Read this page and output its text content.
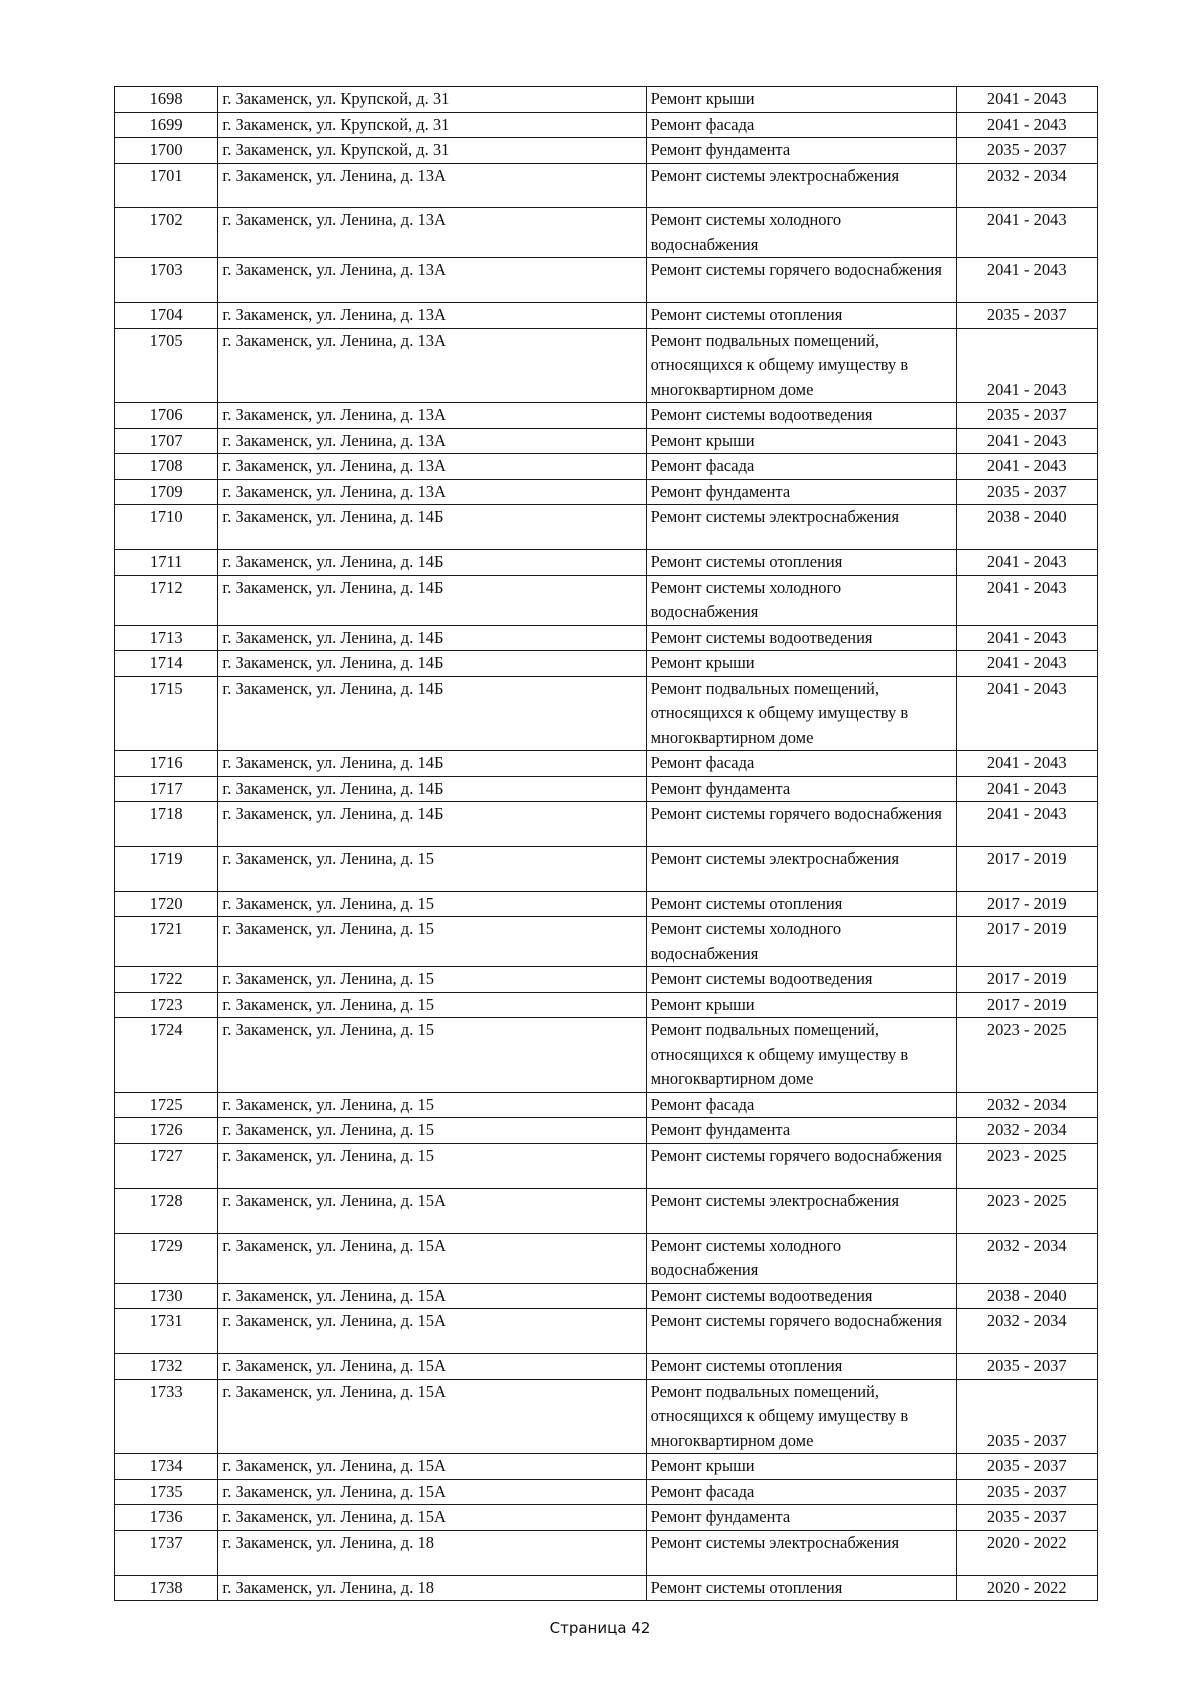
1698	г. Закаменск, ул. Крупской, д. 31	Ремонт крыши	2041 - 2043
1699	г. Закаменск, ул. Крупской, д. 31	Ремонт фасада	2041 - 2043
1700	г. Закаменск, ул. Крупской, д. 31	Ремонт фундамента	2035 - 2037
1701	г. Закаменск, ул. Ленина, д. 13А	Ремонт системы электроснабжения	2032 - 2034
1702	г. Закаменск, ул. Ленина, д. 13А	Ремонт системы холодного водоснабжения	2041 - 2043
1703	г. Закаменск, ул. Ленина, д. 13А	Ремонт системы горячего водоснабжения	2041 - 2043
1704	г. Закаменск, ул. Ленина, д. 13А	Ремонт системы отопления	2035 - 2037
1705	г. Закаменск, ул. Ленина, д. 13А	Ремонт подвальных помещений, относящихся к общему имуществу в многоквартирном доме	2041 - 2043
1706	г. Закаменск, ул. Ленина, д. 13А	Ремонт системы водоотведения	2035 - 2037
1707	г. Закаменск, ул. Ленина, д. 13А	Ремонт крыши	2041 - 2043
1708	г. Закаменск, ул. Ленина, д. 13А	Ремонт фасада	2041 - 2043
1709	г. Закаменск, ул. Ленина, д. 13А	Ремонт фундамента	2035 - 2037
1710	г. Закаменск, ул. Ленина, д. 14Б	Ремонт системы электроснабжения	2038 - 2040
1711	г. Закаменск, ул. Ленина, д. 14Б	Ремонт системы отопления	2041 - 2043
1712	г. Закаменск, ул. Ленина, д. 14Б	Ремонт системы холодного водоснабжения	2041 - 2043
1713	г. Закаменск, ул. Ленина, д. 14Б	Ремонт системы водоотведения	2041 - 2043
1714	г. Закаменск, ул. Ленина, д. 14Б	Ремонт крыши	2041 - 2043
1715	г. Закаменск, ул. Ленина, д. 14Б	Ремонт подвальных помещений, относящихся к общему имуществу в многоквартирном доме	2041 - 2043
1716	г. Закаменск, ул. Ленина, д. 14Б	Ремонт фасада	2041 - 2043
1717	г. Закаменск, ул. Ленина, д. 14Б	Ремонт фундамента	2041 - 2043
1718	г. Закаменск, ул. Ленина, д. 14Б	Ремонт системы горячего водоснабжения	2041 - 2043
1719	г. Закаменск, ул. Ленина, д. 15	Ремонт системы электроснабжения	2017 - 2019
1720	г. Закаменск, ул. Ленина, д. 15	Ремонт системы отопления	2017 - 2019
1721	г. Закаменск, ул. Ленина, д. 15	Ремонт системы холодного водоснабжения	2017 - 2019
1722	г. Закаменск, ул. Ленина, д. 15	Ремонт системы водоотведения	2017 - 2019
1723	г. Закаменск, ул. Ленина, д. 15	Ремонт крыши	2017 - 2019
1724	г. Закаменск, ул. Ленина, д. 15	Ремонт подвальных помещений, относящихся к общему имуществу в многоквартирном доме	2023 - 2025
1725	г. Закаменск, ул. Ленина, д. 15	Ремонт фасада	2032 - 2034
1726	г. Закаменск, ул. Ленина, д. 15	Ремонт фундамента	2032 - 2034
1727	г. Закаменск, ул. Ленина, д. 15	Ремонт системы горячего водоснабжения	2023 - 2025
1728	г. Закаменск, ул. Ленина, д. 15А	Ремонт системы электроснабжения	2023 - 2025
1729	г. Закаменск, ул. Ленина, д. 15А	Ремонт системы холодного водоснабжения	2032 - 2034
1730	г. Закаменск, ул. Ленина, д. 15А	Ремонт системы водоотведения	2038 - 2040
1731	г. Закаменск, ул. Ленина, д. 15А	Ремонт системы горячего водоснабжения	2032 - 2034
1732	г. Закаменск, ул. Ленина, д. 15А	Ремонт системы отопления	2035 - 2037
1733	г. Закаменск, ул. Ленина, д. 15А	Ремонт подвальных помещений, относящихся к общему имуществу в многоквартирном доме	2035 - 2037
1734	г. Закаменск, ул. Ленина, д. 15А	Ремонт крыши	2035 - 2037
1735	г. Закаменск, ул. Ленина, д. 15А	Ремонт фасада	2035 - 2037
1736	г. Закаменск, ул. Ленина, д. 15А	Ремонт фундамента	2035 - 2037
1737	г. Закаменск, ул. Ленина, д. 18	Ремонт системы электроснабжения	2020 - 2022
1738	г. Закаменск, ул. Ленина, д. 18	Ремонт системы отопления	2020 - 2022
Страница 42
